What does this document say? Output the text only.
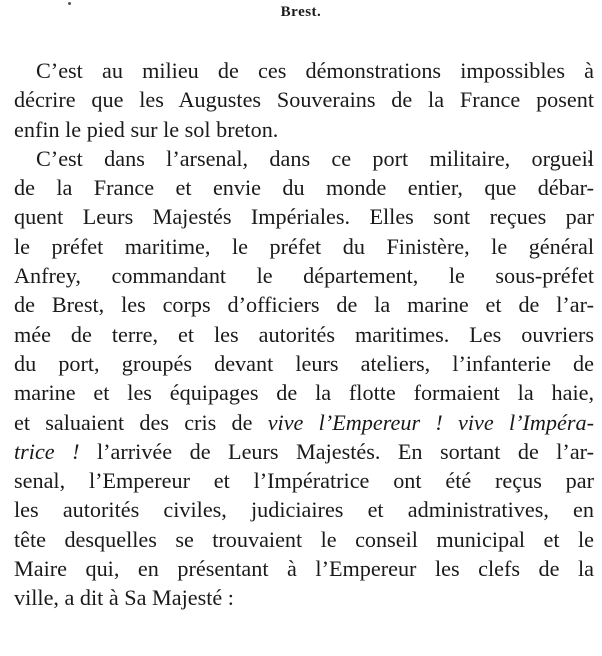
Brest.
C’est au milieu de ces démonstrations impossibles à
décrire que les Augustes Souverains de la France posent
enfin le pied sur le sol breton.
C’est dans l’arsenal, dans ce port militaire, orgueil
de la France et envie du monde entier, que débar-
quent Leurs Majestés Impériales. Elles sont reçues par
le préfet maritime, le préfet du Finistère, le général
Anfrey, commandant le département, le sous-préfet
de Brest, les corps d’officiers de la marine et de l’ar-
mée de terre, et les autorités maritimes. Les ouvriers
du port, groupés devant leurs ateliers, l’infanterie de
marine et les équipages de la flotte formaient la haie,
et saluaient des cris de vive l’Empereur ! vive l’Impéra-
trice ! l’arrivée de Leurs Majestés. En sortant de l’ar-
senal, l’Empereur et l’Impératrice ont été reçus par
les autorités civiles, judiciaires et administratives, en
tête desquelles se trouvaient le conseil municipal et le
Maire qui, en présentant à l’Empereur les clefs de la
ville, a dit à Sa Majesté :
